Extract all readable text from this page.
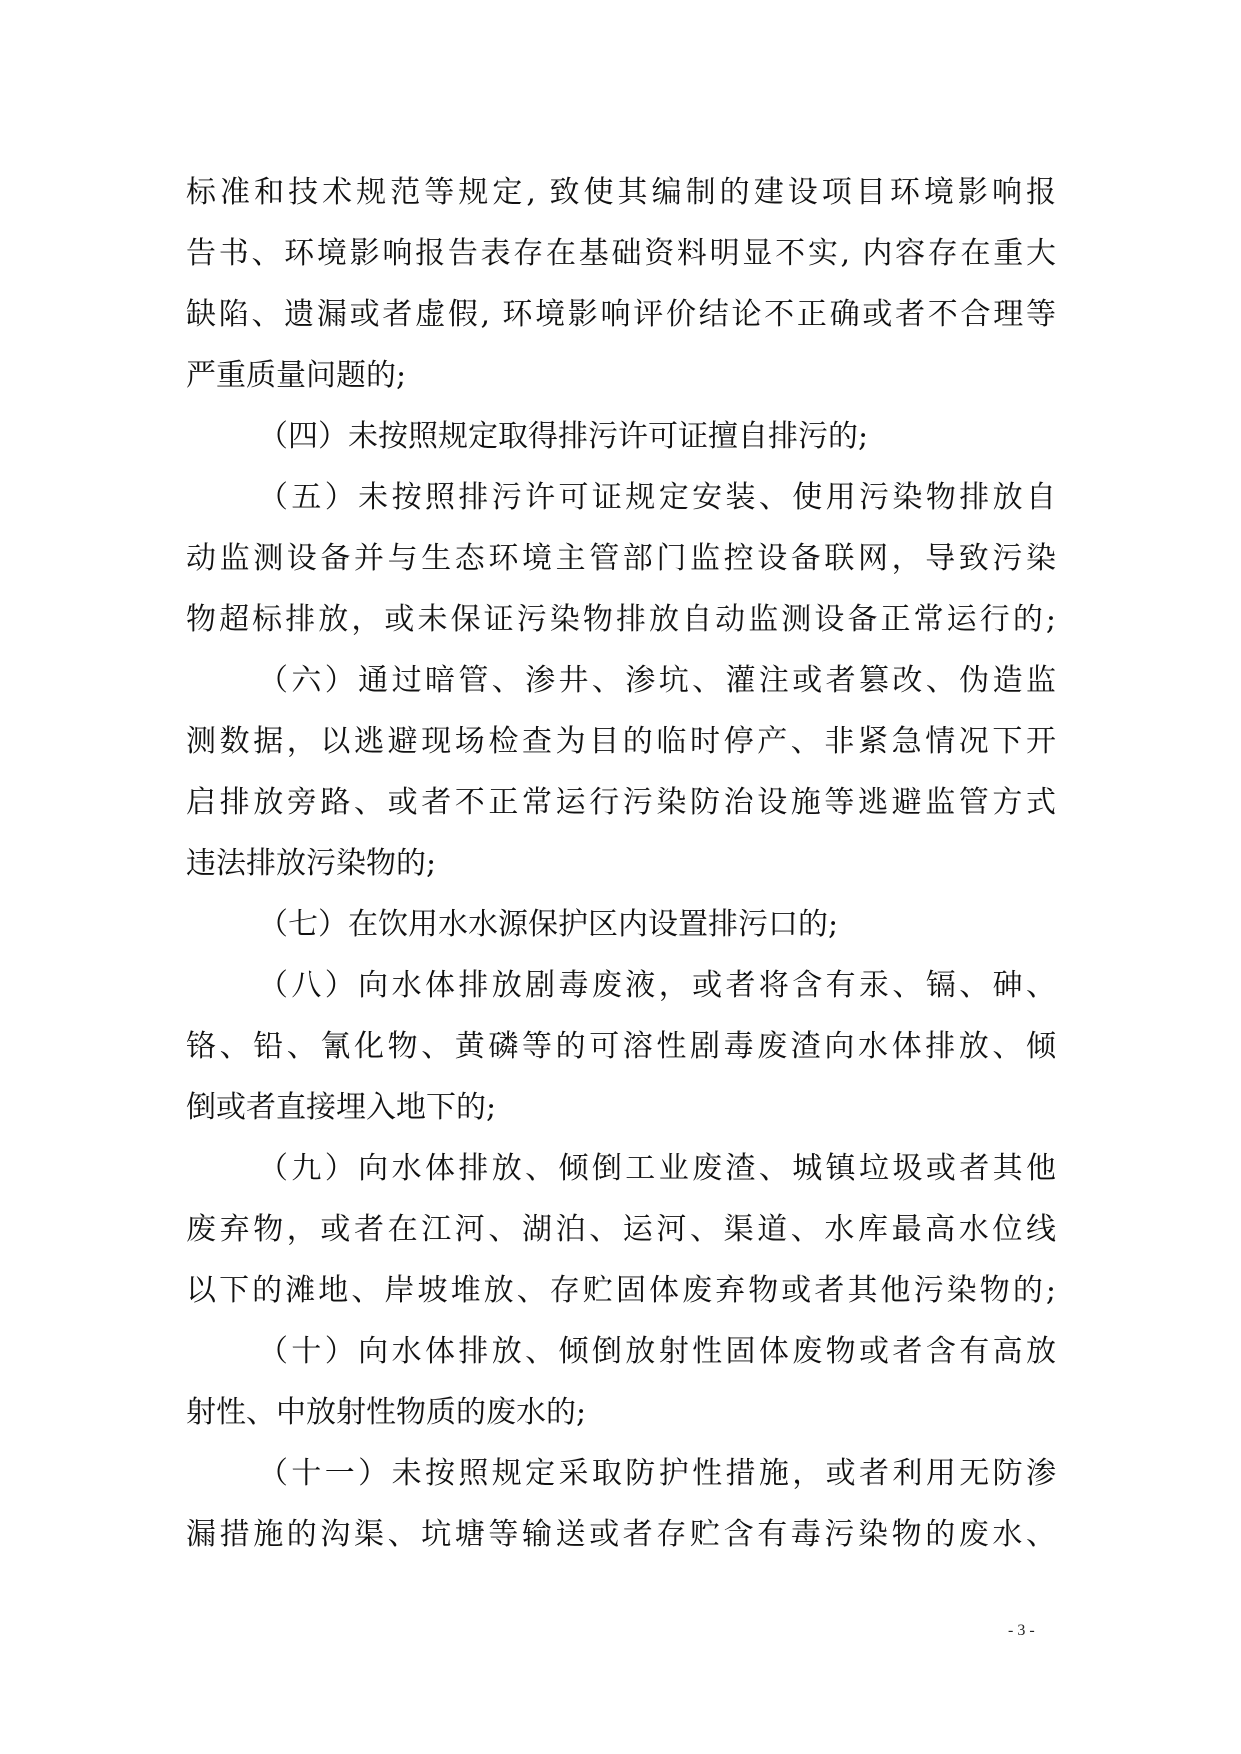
标准和技术规范等规定, 致使其编制的建设项目环境影响报
告书、环境影响报告表存在基础资料明显不实, 内容存在重大
缺陷、遗漏或者虚假, 环境影响评价结论不正确或者不合理等
严重质量问题的;
（四）未按照规定取得排污许可证擅自排污的;
（五）未按照排污许可证规定安装、使用污染物排放自
动监测设备并与生态环境主管部门监控设备联网，导致污染
物超标排放，或未保证污染物排放自动监测设备正常运行的;
（六）通过暗管、渗井、渗坑、灌注或者篡改、伪造监
测数据，以逃避现场检查为目的临时停产、非紧急情况下开
启排放旁路、或者不正常运行污染防治设施等逃避监管方式
违法排放污染物的;
（七）在饮用水水源保护区内设置排污口的;
（八）向水体排放剧毒废液，或者将含有汞、镉、砷、
铬、铅、氰化物、黄磷等的可溶性剧毒废渣向水体排放、倾
倒或者直接埋入地下的;
（九）向水体排放、倾倒工业废渣、城镇垃圾或者其他
废弃物，或者在江河、湖泊、运河、渠道、水库最高水位线
以下的滩地、岸坡堆放、存贮固体废弃物或者其他污染物的;
（十）向水体排放、倾倒放射性固体废物或者含有高放
射性、中放射性物质的废水的;
（十一）未按照规定采取防护性措施，或者利用无防渗
漏措施的沟渠、坑塘等输送或者存贮含有毒污染物的废水、
- 3 -
